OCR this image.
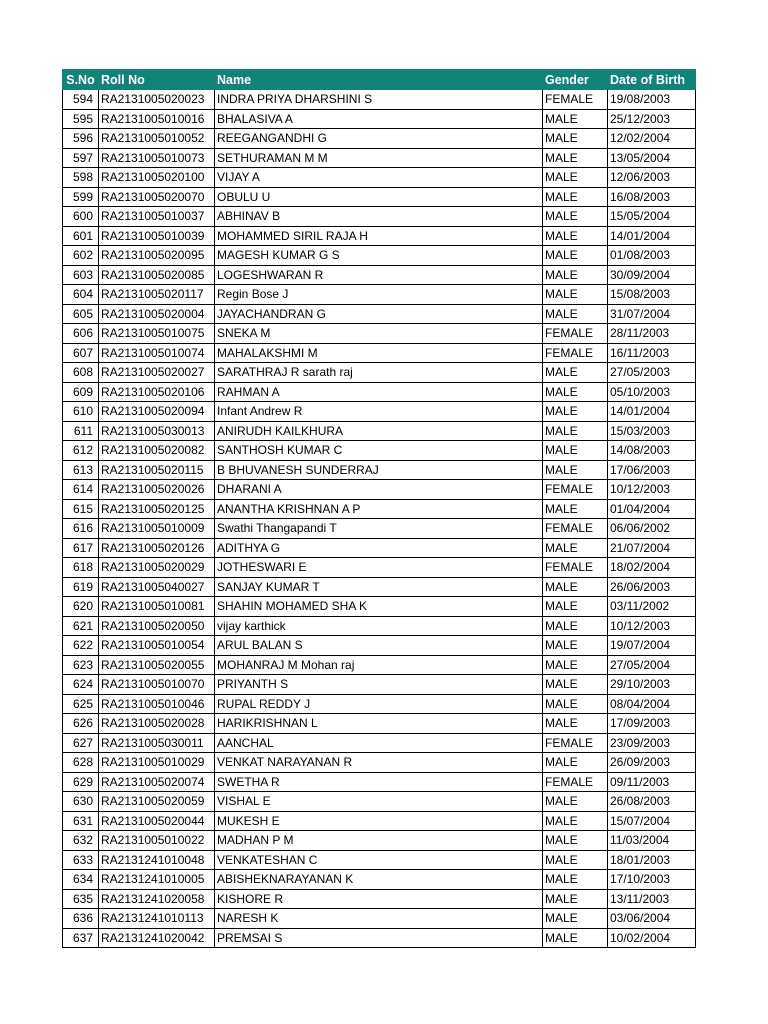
S.No	Roll No	Name	Gender	Date of Birth
594	RA2131005020023	INDRA PRIYA DHARSHINI S	FEMALE	19/08/2003
595	RA2131005010016	BHALASIVA A	MALE	25/12/2003
596	RA2131005010052	REEGANGANDHI G	MALE	12/02/2004
597	RA2131005010073	SETHURAMAN M M	MALE	13/05/2004
598	RA2131005020100	VIJAY A	MALE	12/06/2003
599	RA2131005020070	OBULU U	MALE	16/08/2003
600	RA2131005010037	ABHINAV B	MALE	15/05/2004
601	RA2131005010039	MOHAMMED SIRIL RAJA H	MALE	14/01/2004
602	RA2131005020095	MAGESH KUMAR G S	MALE	01/08/2003
603	RA2131005020085	LOGESHWARAN R	MALE	30/09/2004
604	RA2131005020117	Regin Bose J	MALE	15/08/2003
605	RA2131005020004	JAYACHANDRAN G	MALE	31/07/2004
606	RA2131005010075	SNEKA M	FEMALE	28/11/2003
607	RA2131005010074	MAHALAKSHMI M	FEMALE	16/11/2003
608	RA2131005020027	SARATHRAJ R sarath raj	MALE	27/05/2003
609	RA2131005020106	RAHMAN A	MALE	05/10/2003
610	RA2131005020094	Infant Andrew R	MALE	14/01/2004
611	RA2131005030013	ANIRUDH KAILKHURA	MALE	15/03/2003
612	RA2131005020082	SANTHOSH KUMAR C	MALE	14/08/2003
613	RA2131005020115	B BHUVANESH SUNDERRAJ	MALE	17/06/2003
614	RA2131005020026	DHARANI A	FEMALE	10/12/2003
615	RA2131005020125	ANANTHA KRISHNAN A P	MALE	01/04/2004
616	RA2131005010009	Swathi Thangapandi T	FEMALE	06/06/2002
617	RA2131005020126	ADITHYA G	MALE	21/07/2004
618	RA2131005020029	JOTHESWARI E	FEMALE	18/02/2004
619	RA2131005040027	SANJAY KUMAR T	MALE	26/06/2003
620	RA2131005010081	SHAHIN MOHAMED SHA K	MALE	03/11/2002
621	RA2131005020050	vijay karthick	MALE	10/12/2003
622	RA2131005010054	ARUL BALAN S	MALE	19/07/2004
623	RA2131005020055	MOHANRAJ M Mohan raj	MALE	27/05/2004
624	RA2131005010070	PRIYANTH S	MALE	29/10/2003
625	RA2131005010046	RUPAL REDDY J	MALE	08/04/2004
626	RA2131005020028	HARIKRISHNAN L	MALE	17/09/2003
627	RA2131005030011	AANCHAL	FEMALE	23/09/2003
628	RA2131005010029	VENKAT NARAYANAN R	MALE	26/09/2003
629	RA2131005020074	SWETHA R	FEMALE	09/11/2003
630	RA2131005020059	VISHAL E	MALE	26/08/2003
631	RA2131005020044	MUKESH E	MALE	15/07/2004
632	RA2131005010022	MADHAN P M	MALE	11/03/2004
633	RA2131241010048	VENKATESHAN C	MALE	18/01/2003
634	RA2131241010005	ABISHEKNARAYANAN K	MALE	17/10/2003
635	RA2131241020058	KISHORE R	MALE	13/11/2003
636	RA2131241010113	NARESH K	MALE	03/06/2004
637	RA2131241020042	PREMSAI S	MALE	10/02/2004
